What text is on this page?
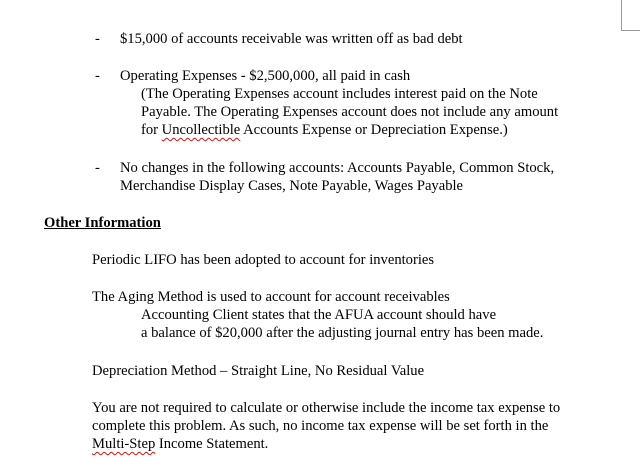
- $15,000 of accounts receivable was written off as bad debt
- Operating Expenses - $2,500,000, all paid in cash
(The Operating Expenses account includes interest paid on the Note
Payable. The Operating Expenses account does not include any amount
for Uncollectible Accounts Expense or Depreciation Expense.)
- No changes in the following accounts: Accounts Payable, Common Stock,
Merchandise Display Cases, Note Payable, Wages Payable
Other Information
Periodic LIFO has been adopted to account for inventories
The Aging Method is used to account for account receivables
Accounting Client states that the AFUA account should have
a balance of $20,000 after the adjusting journal entry has been made.
Depreciation Method – Straight Line, No Residual Value
You are not required to calculate or otherwise include the income tax expense to
complete this problem. As such, no income tax expense will be set forth in the
Multi-Step Income Statement.
